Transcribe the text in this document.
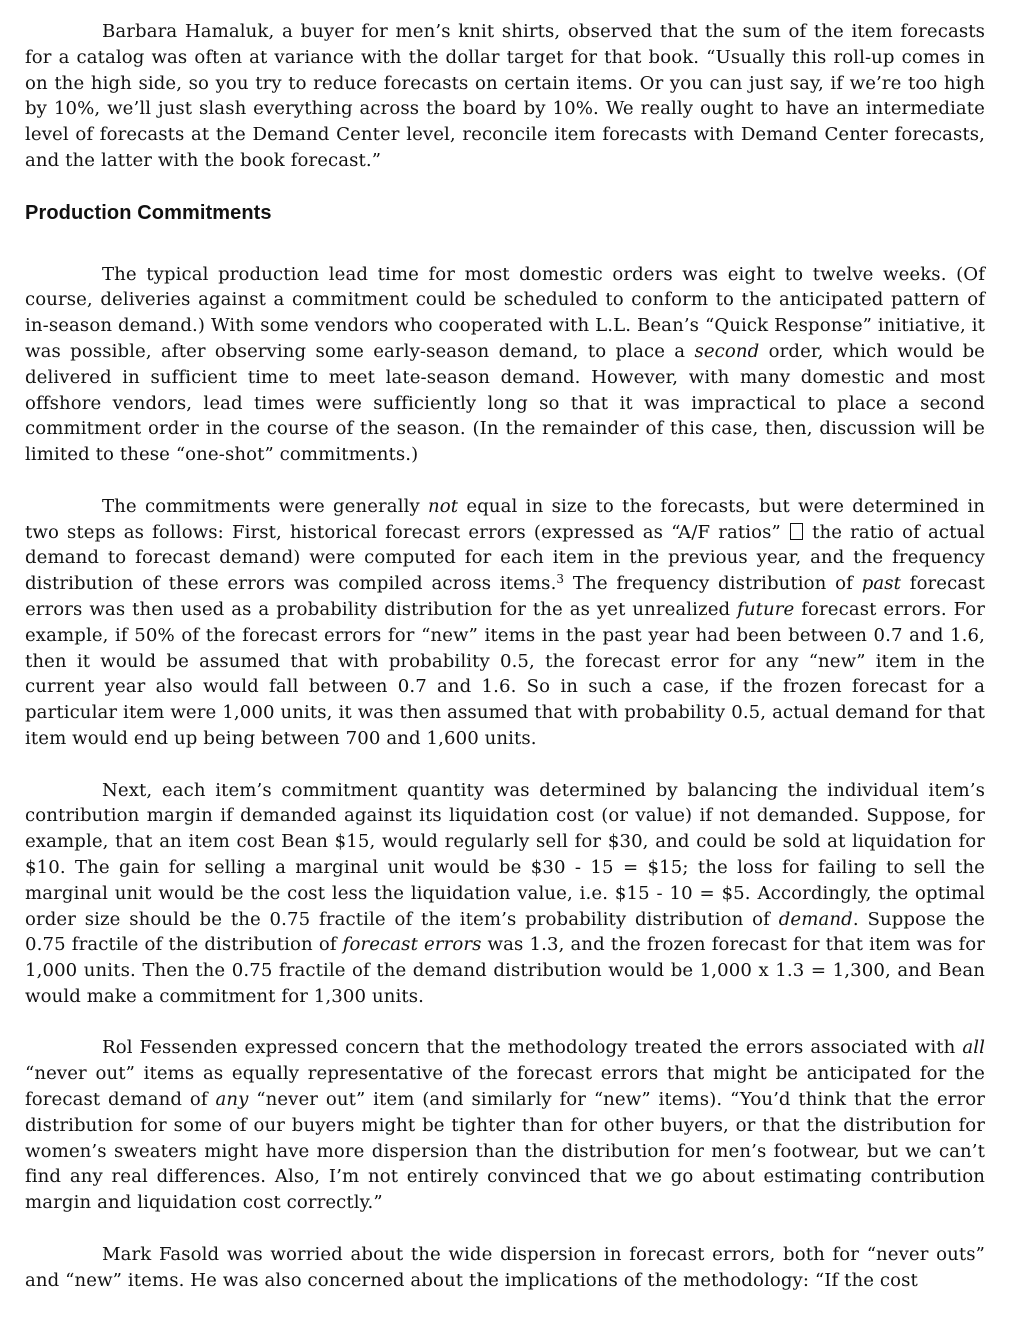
Barbara Hamaluk, a buyer for men’s knit shirts, observed that the sum of the item forecasts for a catalog was often at variance with the dollar target for that book. “Usually this roll-up comes in on the high side, so you try to reduce forecasts on certain items. Or you can just say, if we’re too high by 10%, we’ll just slash everything across the board by 10%. We really ought to have an intermediate level of forecasts at the Demand Center level, reconcile item forecasts with Demand Center forecasts, and the latter with the book forecast.”

Production Commitments

The typical production lead time for most domestic orders was eight to twelve weeks. (Of course, deliveries against a commitment could be scheduled to conform to the anticipated pattern of in-season demand.) With some vendors who cooperated with L.L. Bean’s “Quick Response” initiative, it was possible, after observing some early-season demand, to place a second order, which would be delivered in sufficient time to meet late-season demand. However, with many domestic and most offshore vendors, lead times were sufficiently long so that it was impractical to place a second commitment order in the course of the season. (In the remainder of this case, then, discussion will be limited to these “one-shot” commitments.)

The commitments were generally not equal in size to the forecasts, but were determined in two steps as follows: First, historical forecast errors (expressed as “A/F ratios”  the ratio of actual demand to forecast demand) were computed for each item in the previous year, and the frequency distribution of these errors was compiled across items.$^3$ The frequency distribution of past forecast errors was then used as a probability distribution for the as yet unrealized future forecast errors. For example, if 50% of the forecast errors for “new” items in the past year had been between 0.7 and 1.6, then it would be assumed that with probability 0.5, the forecast error for any “new” item in the current year also would fall between 0.7 and 1.6. So in such a case, if the frozen forecast for a particular item were 1,000 units, it was then assumed that with probability 0.5, actual demand for that item would end up being between 700 and 1,600 units.

Next, each item’s commitment quantity was determined by balancing the individual item’s contribution margin if demanded against its liquidation cost (or value) if not demanded. Suppose, for example, that an item cost Bean $15, would regularly sell for $30, and could be sold at liquidation for $10. The gain for selling a marginal unit would be $30 - 15 = $15; the loss for failing to sell the marginal unit would be the cost less the liquidation value, i.e. $15 - 10 = $5. Accordingly, the optimal order size should be the 0.75 fractile of the item’s probability distribution of demand. Suppose the 0.75 fractile of the distribution of forecast errors was 1.3, and the frozen forecast for that item was for 1,000 units. Then the 0.75 fractile of the demand distribution would be 1,000 x 1.3 = 1,300, and Bean would make a commitment for 1,300 units.

Rol Fessenden expressed concern that the methodology treated the errors associated with all “never out” items as equally representative of the forecast errors that might be anticipated for the forecast demand of any “never out” item (and similarly for “new” items). “You’d think that the error distribution for some of our buyers might be tighter than for other buyers, or that the distribution for women’s sweaters might have more dispersion than the distribution for men’s footwear, but we can’t find any real differences. Also, I’m not entirely convinced that we go about estimating contribution margin and liquidation cost correctly.”

Mark Fasold was worried about the wide dispersion in forecast errors, both for “never outs” and “new” items. He was also concerned about the implications of the methodology: “If the cost
